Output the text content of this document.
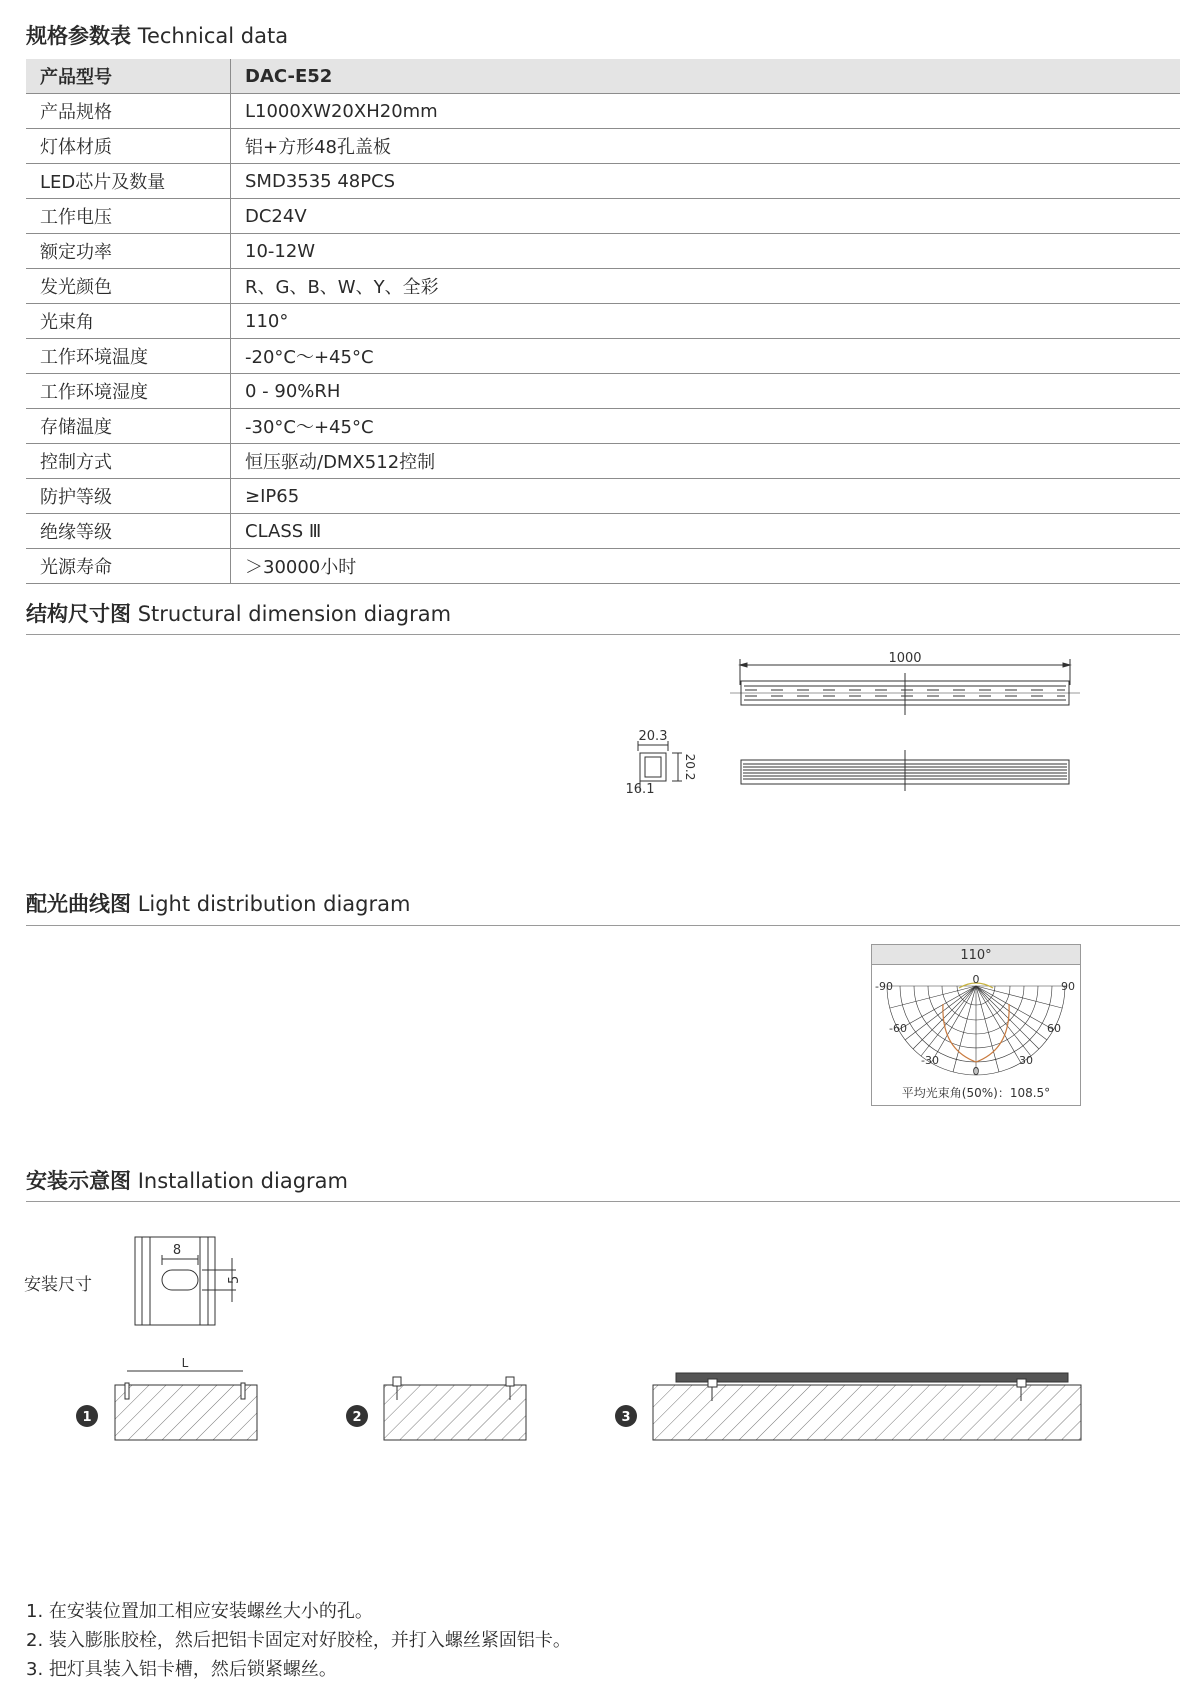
规格参数表 Technical data
产品型号	DAC-E52
产品规格	L1000XW20XH20mm
灯体材质	铝+方形48孔盖板
LED芯片及数量	SMD3535 48PCS
工作电压	DC24V
额定功率	10-12W
发光颜色	R、G、B、W、Y、全彩
光束角	110°
工作环境温度	-20°C～+45°C
工作环境湿度	0 - 90%RH
存储温度	-30°C～+45°C
控制方式	恒压驱动/DMX512控制
防护等级	≥IP65
绝缘等级	CLASS Ⅲ
光源寿命	＞30000小时
结构尺寸图 Structural dimension diagram
1000
20.3
20.2
16.1
配光曲线图 Light distribution diagram
110°
0
-90	90
-60	60
-30	30
0
平均光束角(50%)：108.5°
安装示意图 Installation diagram
安装尺寸
8
5
L
1	2	3
1. 在安装位置加工相应安装螺丝大小的孔。
2. 装入膨胀胶栓，然后把铝卡固定对好胶栓，并打入螺丝紧固铝卡。
3. 把灯具装入铝卡槽，然后锁紧螺丝。
